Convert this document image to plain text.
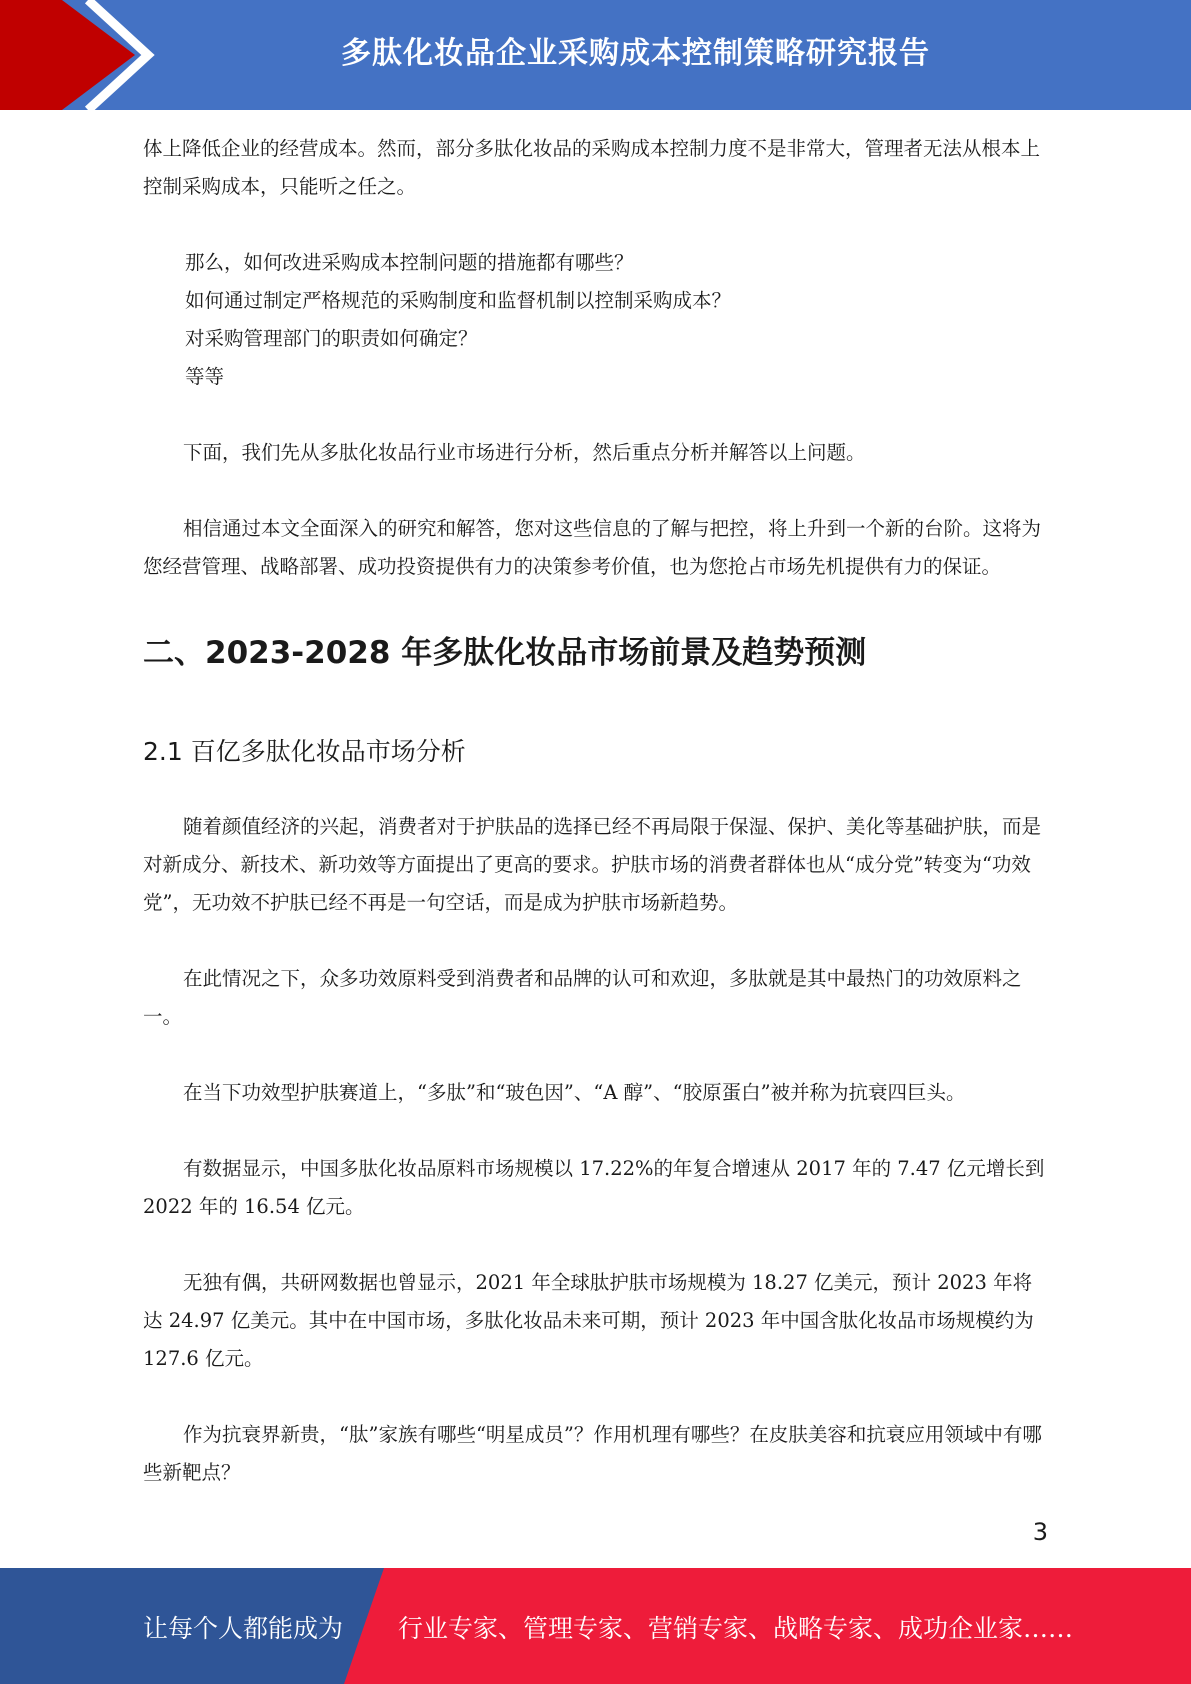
多肽化妆品企业采购成本控制策略研究报告

体上降低企业的经营成本。然而，部分多肽化妆品的采购成本控制力度不是非常大，管理者无法从根本上控制采购成本，只能听之任之。

那么，如何改进采购成本控制问题的措施都有哪些？

如何通过制定严格规范的采购制度和监督机制以控制采购成本？

对采购管理部门的职责如何确定？

等等

下面，我们先从多肽化妆品行业市场进行分析，然后重点分析并解答以上问题。

相信通过本文全面深入的研究和解答，您对这些信息的了解与把控，将上升到一个新的台阶。这将为您经营管理、战略部署、成功投资提供有力的决策参考价值，也为您抢占市场先机提供有力的保证。

二、2023-2028 年多肽化妆品市场前景及趋势预测
2.1 百亿多肽化妆品市场分析

随着颜值经济的兴起，消费者对于护肤品的选择已经不再局限于保湿、保护、美化等基础护肤，而是对新成分、新技术、新功效等方面提出了更高的要求。护肤市场的消费者群体也从“成分党”转变为“功效党”，无功效不护肤已经不再是一句空话，而是成为护肤市场新趋势。

在此情况之下，众多功效原料受到消费者和品牌的认可和欢迎，多肽就是其中最热门的功效原料之一。

在当下功效型护肤赛道上，“多肽”和“玻色因”、“A 醇”、“胶原蛋白”被并称为抗衰四巨头。

有数据显示，中国多肽化妆品原料市场规模以 17.22%的年复合增速从 2017 年的 7.47 亿元增长到 2022 年的 16.54 亿元。

无独有偶，共研网数据也曾显示，2021 年全球肽护肤市场规模为 18.27 亿美元，预计 2023 年将达 24.97 亿美元。其中在中国市场，多肽化妆品未来可期，预计 2023 年中国含肽化妆品市场规模约为 127.6 亿元。

作为抗衰界新贵，“肽”家族有哪些“明星成员”？作用机理有哪些？在皮肤美容和抗衰应用领域中有哪些新靶点？

3
让每个人都能成为 行业专家、管理专家、营销专家、战略专家、成功企业家……
